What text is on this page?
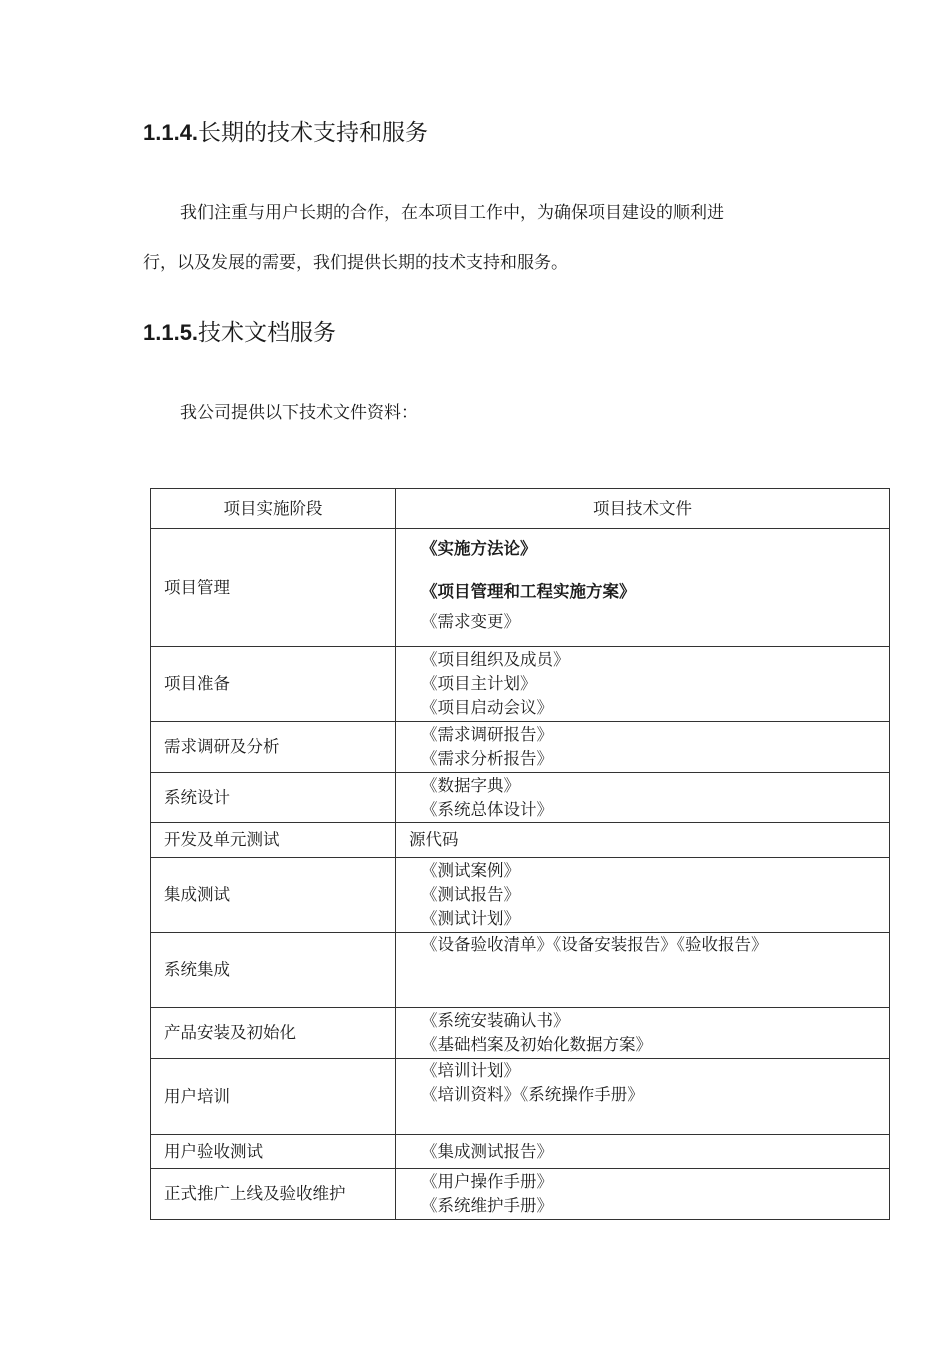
1.1.4.长期的技术支持和服务
我们注重与用户长期的合作，在本项目工作中，为确保项目建设的顺利进
行，以及发展的需要，我们提供长期的技术支持和服务。
1.1.5.技术文档服务
我公司提供以下技术文件资料：
项目实施阶段	项目技术文件
项目管理	《实施方法论》
《项目管理和工程实施方案》
《需求变更》

项目准备	《项目组织及成员》
《项目主计划》
《项目启动会议》

需求调研及分析	《需求调研报告》
《需求分析报告》

系统设计	《数据字典》
《系统总体设计》

开发及单元测试	源代码

集成测试	《测试案例》
《测试报告》
《测试计划》

系统集成	《设备验收清单》《设备安装报告》《验收报告》

产品安装及初始化	《系统安装确认书》
《基础档案及初始化数据方案》

用户培训	《培训计划》
《培训资料》《系统操作手册》

用户验收测试	《集成测试报告》

正式推广上线及验收维护	《用户操作手册》
《系统维护手册》
